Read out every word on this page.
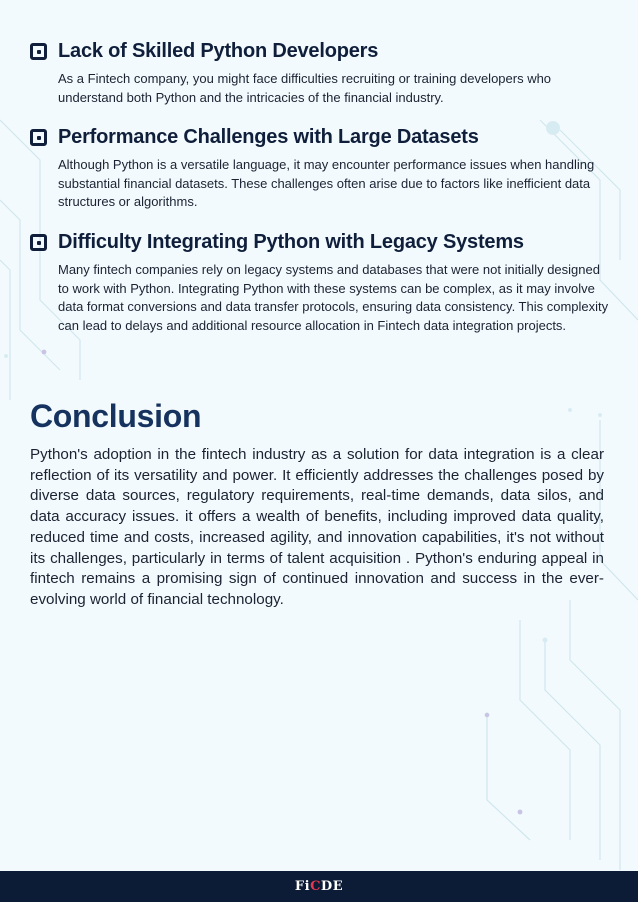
Lack of Skilled Python Developers
As a Fintech company, you might face difficulties recruiting or training developers who understand both Python and the intricacies of the financial industry.
Performance Challenges with Large Datasets
Although Python is a versatile language, it may encounter performance issues when handling substantial financial datasets. These challenges often arise due to factors like inefficient data structures or algorithms.
Difficulty Integrating Python with Legacy Systems
Many fintech companies rely on legacy systems and databases that were not initially designed to work with Python. Integrating Python with these systems can be complex, as it may involve data format conversions and data transfer protocols, ensuring data consistency. This complexity can lead to delays and additional resource allocation in Fintech data integration projects.
Conclusion
Python's adoption in the fintech industry as a solution for data integration is a clear reflection of its versatility and power. It efficiently addresses the challenges posed by diverse data sources, regulatory requirements, real-time demands, data silos, and data accuracy issues. it offers a wealth of benefits, including improved data quality, reduced time and costs, increased agility, and innovation capabilities, it's not without its challenges, particularly in terms of talent acquisition . Python's enduring appeal in fintech remains a promising sign of continued innovation and success in the ever-evolving world of financial technology.
FiCDE
